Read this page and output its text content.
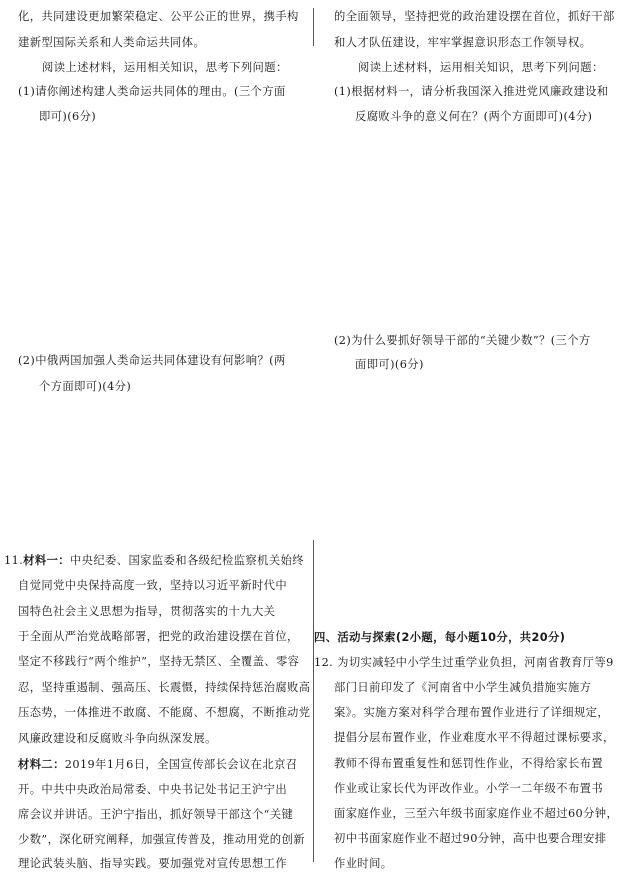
化，共同建设更加繁荣稳定、公平公正的世界，携手构
建新型国际关系和人类命运共同体。
阅读上述材料，运用相关知识，思考下列问题：
(1)请你阐述构建人类命运共同体的理由。(三个方面
即可)(6分)
(2)中俄两国加强人类命运共同体建设有何影响？(两
个方面即可)(4分)
11.材料一：中央纪委、国家监委和各级纪检监察机关始终
自觉同党中央保持高度一致，坚持以习近平新时代中
国特色社会主义思想为指导，贯彻落实的十九大关
于全面从严治党战略部署，把党的政治建设摆在首位，
坚定不移践行“两个维护”，坚持无禁区、全覆盖、零容
忍，坚持重遏制、强高压、长震慑，持续保持惩治腐败高
压态势，一体推进不敢腐、不能腐、不想腐，不断推动党
风廉政建设和反腐败斗争向纵深发展。
材料二：2019年1月6日，全国宣传部长会议在北京召
开。中共中央政治局常委、中央书记处书记王沪宁出
席会议并讲话。王沪宁指出，抓好领导干部这个“关键
少数”，深化研究阐释，加强宣传普及，推动用党的创新
理论武装头脑、指导实践。要加强党对宣传思想工作
的全面领导，坚持把党的政治建设摆在首位，抓好干部
和人才队伍建设，牢牢掌握意识形态工作领导权。
阅读上述材料，运用相关知识，思考下列问题：
(1)根据材料一，请分析我国深入推进党风廉政建设和
反腐败斗争的意义何在？(两个方面即可)(4分)
(2)为什么要抓好领导干部的“关键少数”？(三个方
面即可)(6分)
四、活动与探索(2小题，每小题10分，共20分)
12. 为切实减轻中小学生过重学业负担，河南省教育厅等9
部门日前印发了《河南省中小学生减负措施实施方
案》。实施方案对科学合理布置作业进行了详细规定，
提倡分层布置作业，作业难度水平不得超过课标要求，
教师不得布置重复性和惩罚性作业，不得给家长布置
作业或让家长代为评改作业。小学一二年级不布置书
面家庭作业，三至六年级书面家庭作业不超过60分钟，
初中书面家庭作业不超过90分钟，高中也要合理安排
作业时间。
